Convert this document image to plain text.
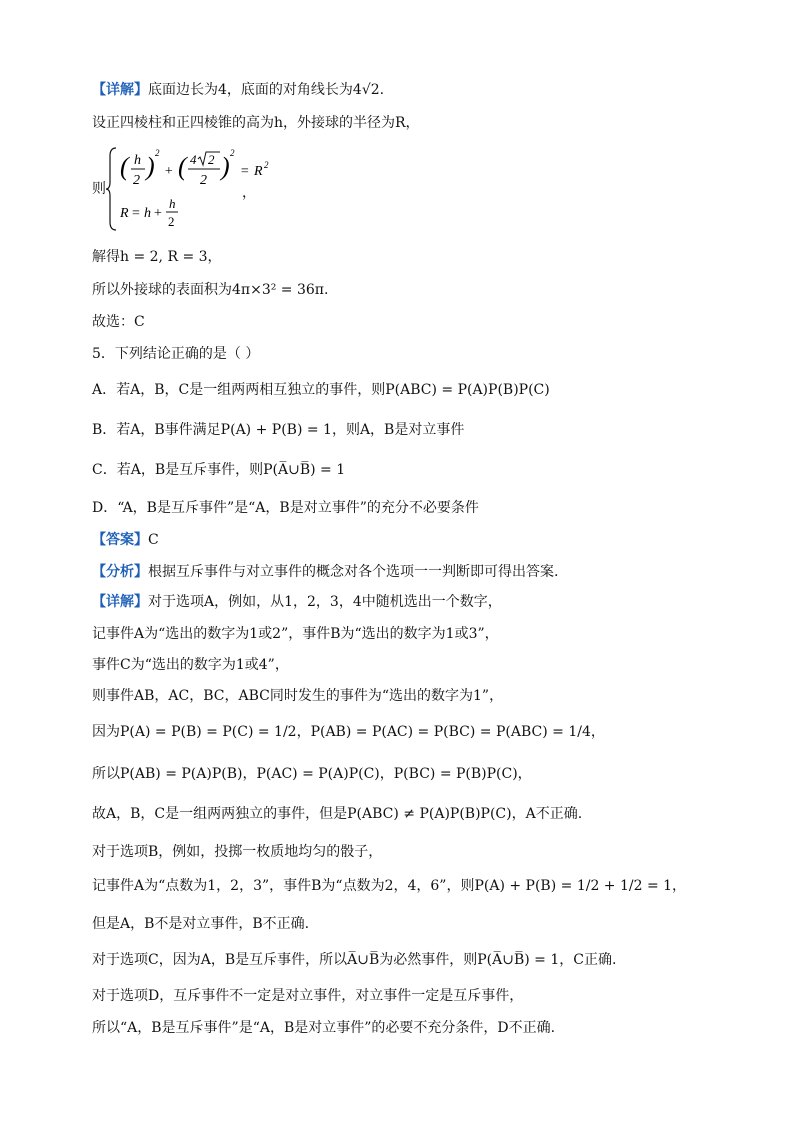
【详解】底面边长为4，底面的对角线长为4√2.
设正四棱柱和正四棱锥的高为h，外接球的半径为R，
则
( h
2 ) 2
+ ( 4 2
2 ) 2
= R 2
R = h +
h
2
，
解得h = 2, R = 3，
所以外接球的表面积为4π×3² = 36π.
故选：C
5．下列结论正确的是（ ）
A．若A，B，C是一组两两相互独立的事件，则P(ABC) = P(A)P(B)P(C)
B．若A，B事件满足P(A) + P(B) = 1，则A，B是对立事件
C．若A，B是互斥事件，则P(A̅∪B̅) = 1
D．“A，B是互斥事件”是“A，B是对立事件”的充分不必要条件
【答案】C
【分析】根据互斥事件与对立事件的概念对各个选项一一判断即可得出答案.
【详解】对于选项A，例如，从1，2，3，4中随机选出一个数字，
记事件A为“选出的数字为1或2”，事件B为“选出的数字为1或3”，
事件C为“选出的数字为1或4”，
则事件AB，AC，BC，ABC同时发生的事件为“选出的数字为1”，
因为P(A) = P(B) = P(C) = 1/2，P(AB) = P(AC) = P(BC) = P(ABC) = 1/4，
所以P(AB) = P(A)P(B)，P(AC) = P(A)P(C)，P(BC) = P(B)P(C)，
故A，B，C是一组两两独立的事件，但是P(ABC) ≠ P(A)P(B)P(C)，A不正确.
对于选项B，例如，投掷一枚质地均匀的骰子，
记事件A为“点数为1，2，3”，事件B为“点数为2，4，6”，则P(A) + P(B) = 1/2 + 1/2 = 1，
但是A，B不是对立事件，B不正确.
对于选项C，因为A，B是互斥事件，所以A̅∪B̅为必然事件，则P(A̅∪B̅) = 1，C正确.
对于选项D，互斥事件不一定是对立事件，对立事件一定是互斥事件，
所以“A，B是互斥事件”是“A，B是对立事件”的必要不充分条件，D不正确.
